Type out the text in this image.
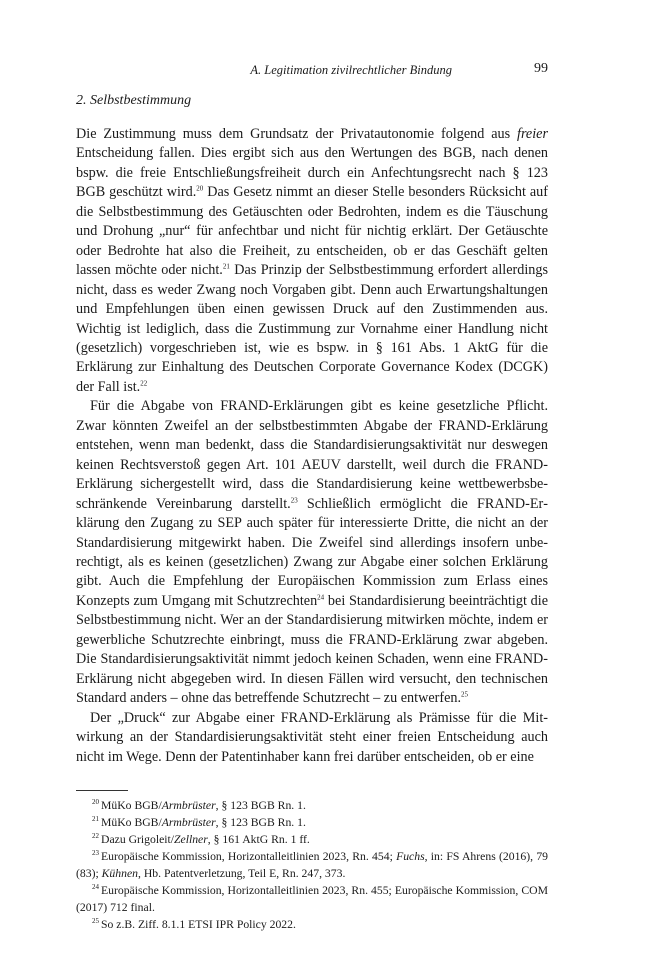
A. Legitimation zivilrechtlicher Bindung	99
2. Selbstbestimmung

Die Zustimmung muss dem Grundsatz der Privatautonomie folgend aus freier Entscheidung fallen. Dies ergibt sich aus den Wertungen des BGB, nach denen bspw. die freie Entschließungsfreiheit durch ein Anfechtungsrecht nach § 123 BGB geschützt wird.$^{20}$ Das Gesetz nimmt an dieser Stelle besonders Rücksicht auf die Selbstbestimmung des Getäuschten oder Bedrohten, indem es die Täuschung und Drohung „nur“ für anfechtbar und nicht für nichtig erklärt. Der Getäuschte oder Bedrohte hat also die Freiheit, zu entscheiden, ob er das Geschäft gelten lassen möchte oder nicht.$^{21}$ Das Prinzip der Selbstbestimmung erfordert allerdings nicht, dass es weder Zwang noch Vorgaben gibt. Denn auch Erwartungshaltungen und Empfehlungen üben einen gewissen Druck auf den Zustimmenden aus. Wichtig ist lediglich, dass die Zustimmung zur Vornahme einer Handlung nicht (gesetzlich) vorgeschrieben ist, wie es bspw. in § 161 Abs. 1 AktG für die Erklärung zur Einhaltung des Deutschen Corporate Governance Kodex (DCGK) der Fall ist.$^{22}$

Für die Abgabe von FRAND-Erklärungen gibt es keine gesetzliche Pflicht. Zwar könnten Zweifel an der selbstbestimmten Abgabe der FRAND-Erklärung entstehen, wenn man bedenkt, dass die Standardisierungsaktivität nur deswegen keinen Rechtsverstoß gegen Art. 101 AEUV darstellt, weil durch die FRAND-Erklärung sichergestellt wird, dass die Standardisierung keine wettbewerbsbeschränkende Vereinbarung darstellt.$^{23}$ Schließlich ermöglicht die FRAND-Erklärung den Zugang zu SEP auch später für interessierte Dritte, die nicht an der Standardisierung mitgewirkt haben. Die Zweifel sind allerdings insofern unberechtigt, als es keinen (gesetzlichen) Zwang zur Abgabe einer solchen Erklärung gibt. Auch die Empfehlung der Europäischen Kommission zum Erlass eines Konzepts zum Umgang mit Schutzrechten$^{24}$ bei Standardisierung beeinträchtigt die Selbstbestimmung nicht. Wer an der Standardisierung mitwirken möchte, indem er gewerbliche Schutzrechte einbringt, muss die FRAND-Erklärung zwar abgeben. Die Standardisierungsaktivität nimmt jedoch keinen Schaden, wenn eine FRAND-Erklärung nicht abgegeben wird. In diesen Fällen wird versucht, den technischen Standard anders – ohne das betreffende Schutzrecht – zu entwerfen.$^{25}$

Der „Druck“ zur Abgabe einer FRAND-Erklärung als Prämisse für die Mitwirkung an der Standardisierungsaktivität steht einer freien Entscheidung auch nicht im Wege. Denn der Patentinhaber kann frei darüber entscheiden, ob er eine

$^{20}$ MüKo BGB/Armbrüster, § 123 BGB Rn. 1.
$^{21}$ MüKo BGB/Armbrüster, § 123 BGB Rn. 1.
$^{22}$ Dazu Grigoleit/Zellner, § 161 AktG Rn. 1 ff.
$^{23}$ Europäische Kommission, Horizontalleitlinien 2023, Rn. 454; Fuchs, in: FS Ahrens (2016), 79 (83); Kühnen, Hb. Patentverletzung, Teil E, Rn. 247, 373.
$^{24}$ Europäische Kommission, Horizontalleitlinien 2023, Rn. 455; Europäische Kommission, COM (2017) 712 final.
$^{25}$ So z.B. Ziff. 8.1.1 ETSI IPR Policy 2022.
